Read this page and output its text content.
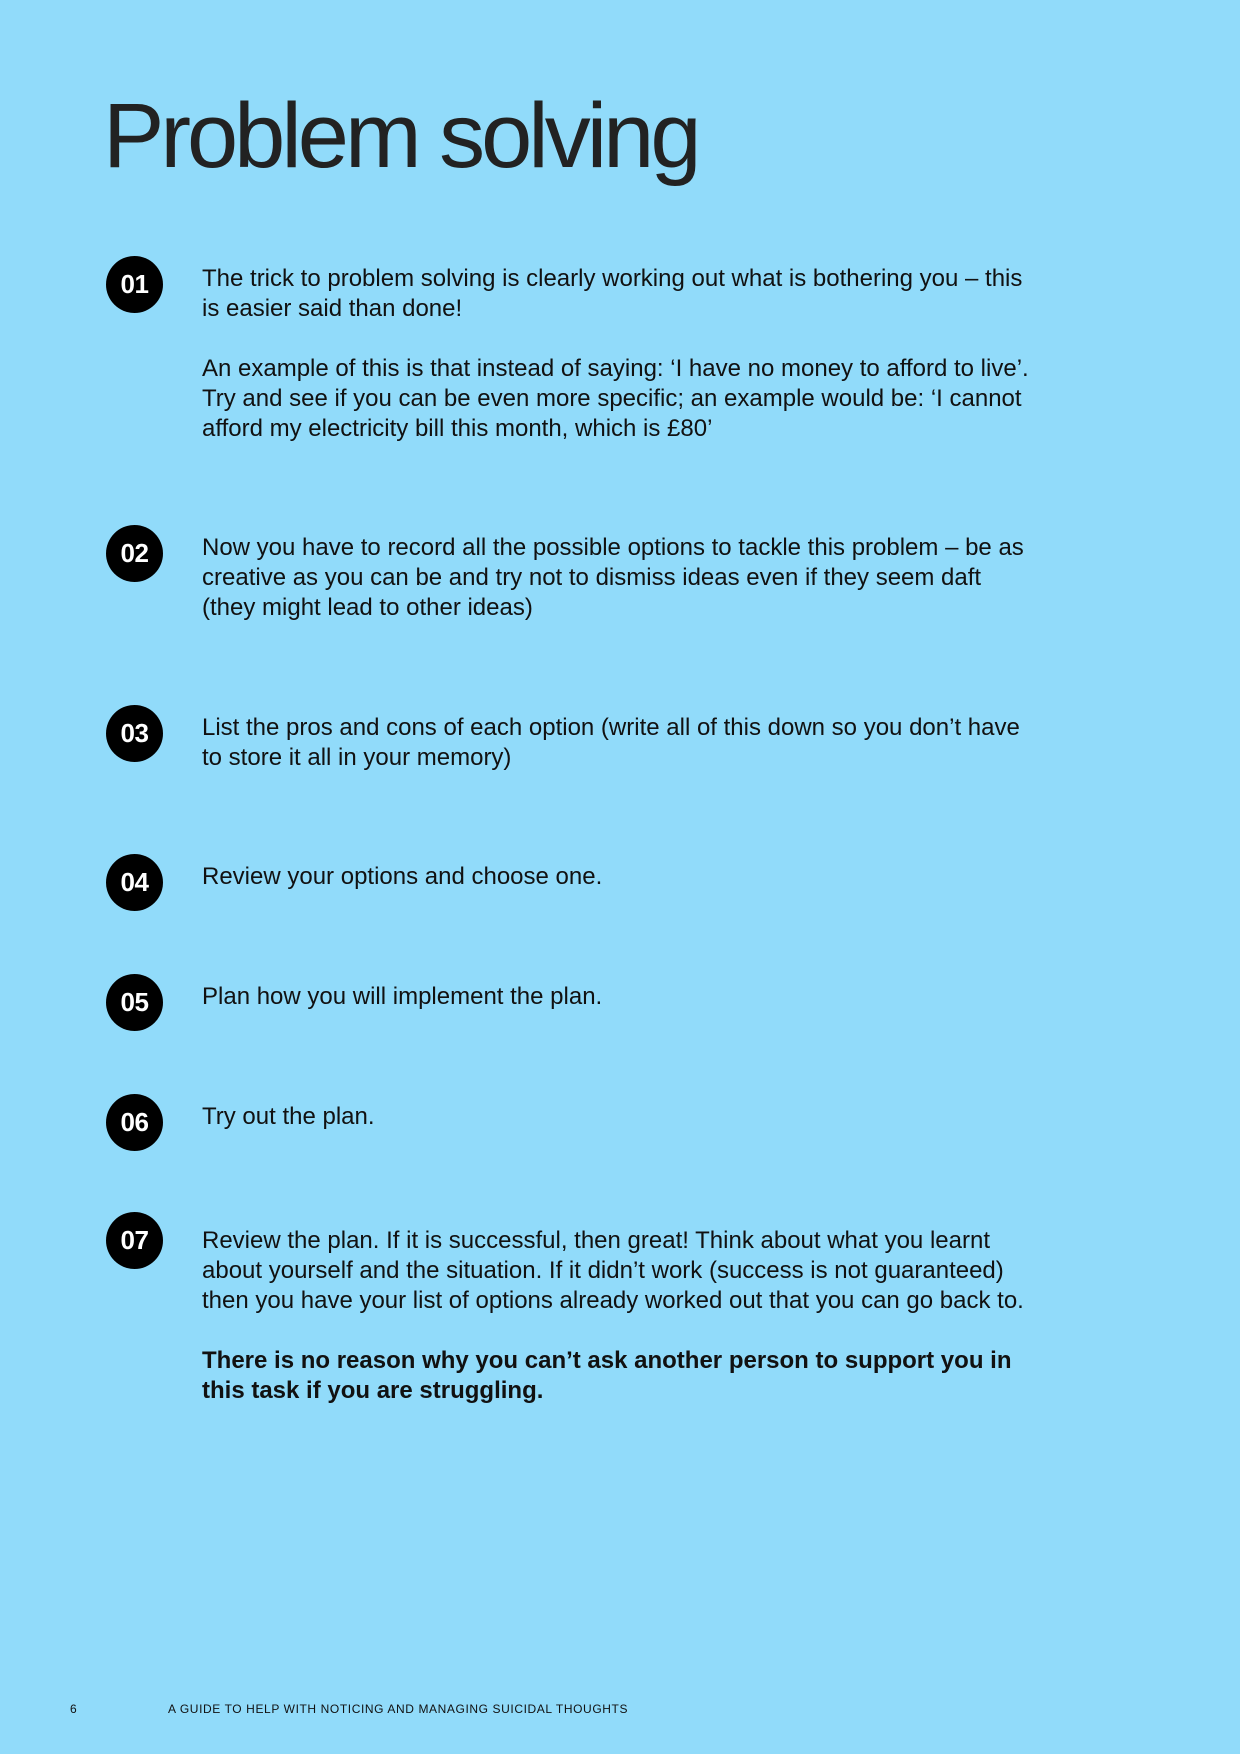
Problem solving
01	The trick to problem solving is clearly working out what is bothering you – this is easier said than done!

An example of this is that instead of saying: ‘I have no money to afford to live’. Try and see if you can be even more specific; an example would be: ‘I cannot afford my electricity bill this month, which is £80’

02	Now you have to record all the possible options to tackle this problem – be as creative as you can be and try not to dismiss ideas even if they seem daft (they might lead to other ideas)

03	List the pros and cons of each option (write all of this down so you don’t have to store it all in your memory)

04	Review your options and choose one.

05	Plan how you will implement the plan.

06	Try out the plan.

07	Review the plan. If it is successful, then great! Think about what you learnt about yourself and the situation. If it didn’t work (success is not guaranteed) then you have your list of options already worked out that you can go back to.

There is no reason why you can’t ask another person to support you in this task if you are struggling.

6	A GUIDE TO HELP WITH NOTICING AND MANAGING SUICIDAL THOUGHTS
